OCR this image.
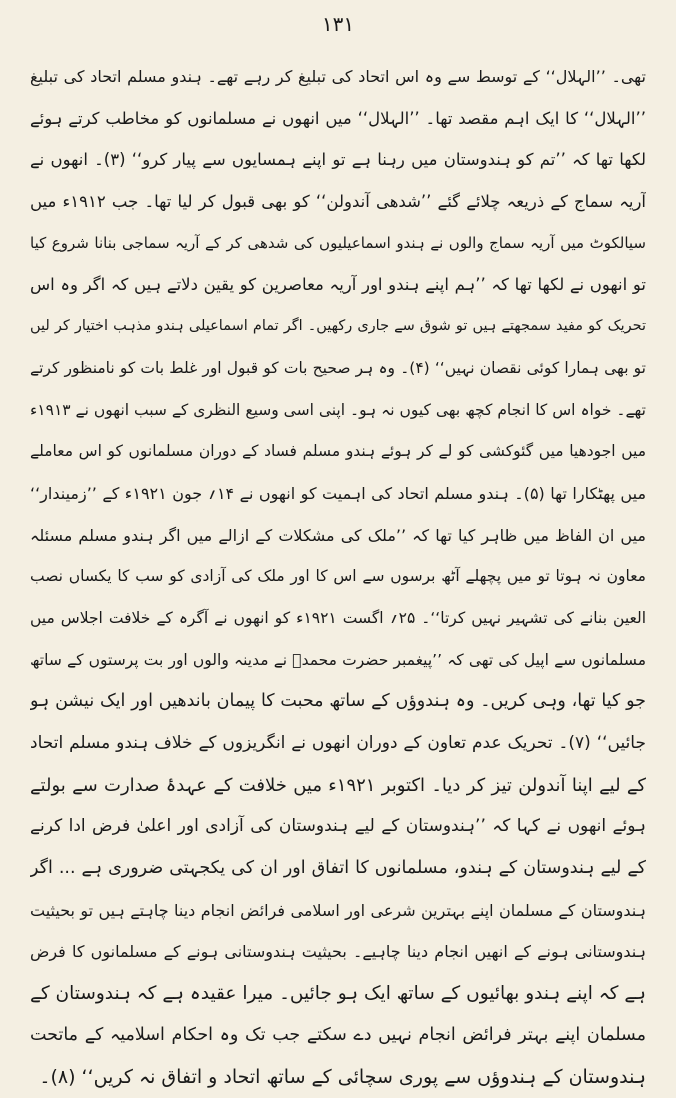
۱۳۱
تھی۔ ’’الہلال‘‘ کے توسط سے وہ اس اتحاد کی تبلیغ کر رہے تھے۔ ہندو مسلم اتحاد کی تبلیغ
’’الہلال‘‘ کا ایک اہم مقصد تھا۔ ’’الہلال‘‘ میں انھوں نے مسلمانوں کو مخاطب کرتے ہوئے
لکھا تھا کہ ’’تم کو ہندوستان میں رہنا ہے تو اپنے ہمسایوں سے پیار کرو‘‘ (۳)۔ انھوں نے
آریہ سماج کے ذریعہ چلائے گئے ’’شدھی آندولن‘‘ کو بھی قبول کر لیا تھا۔ جب ۱۹۱۲ء میں
سیالکوٹ میں آریہ سماج والوں نے ہندو اسماعیلیوں کی شدھی کر کے آریہ سماجی بنانا شروع کیا
تو انھوں نے لکھا تھا کہ ’’ہم اپنے ہندو اور آریہ معاصرین کو یقین دلاتے ہیں کہ اگر وہ اس
تحریک کو مفید سمجھتے ہیں تو شوق سے جاری رکھیں۔ اگر تمام اسماعیلی ہندو مذہب اختیار کر لیں
تو بھی ہمارا کوئی نقصان نہیں‘‘ (۴)۔ وہ ہر صحیح بات کو قبول اور غلط بات کو نامنظور کرتے
تھے۔ خواہ اس کا انجام کچھ بھی کیوں نہ ہو۔ اپنی اسی وسیع النظری کے سبب انھوں نے ۱۹۱۳ء
میں اجودھیا میں گئوکشی کو لے کر ہوئے ہندو مسلم فساد کے دوران مسلمانوں کو اس معاملے
میں پھٹکارا تھا (۵)۔ ہندو مسلم اتحاد کی اہمیت کو انھوں نے ۱۴؍ جون ۱۹۲۱ء کے ’’زمیندار‘‘
میں ان الفاظ میں ظاہر کیا تھا کہ ’’ملک کی مشکلات کے ازالے میں اگر ہندو مسلم مسئلہ
معاون نہ ہوتا تو میں پچھلے آٹھ برسوں سے اس کا اور ملک کی آزادی کو سب کا یکساں نصب
العین بنانے کی تشہیر نہیں کرتا‘‘۔ ۲۵؍ اگست ۱۹۲۱ء کو انھوں نے آگرہ کے خلافت اجلاس میں
مسلمانوں سے اپیل کی تھی کہ ’’پیغمبر حضرت محمدؐ نے مدینہ والوں اور بت پرستوں کے ساتھ
جو کیا تھا، وہی کریں۔ وہ ہندوؤں کے ساتھ محبت کا پیمان باندھیں اور ایک نیشن ہو
جائیں‘‘ (۷)۔ تحریک عدم تعاون کے دوران انھوں نے انگریزوں کے خلاف ہندو مسلم اتحاد
کے لیے اپنا آندولن تیز کر دیا۔ اکتوبر ۱۹۲۱ء میں خلافت کے عہدۂ صدارت سے بولتے
ہوئے انھوں نے کہا کہ ’’ہندوستان کے لیے ہندوستان کی آزادی اور اعلیٰ فرض ادا کرنے
کے لیے ہندوستان کے ہندو، مسلمانوں کا اتفاق اور ان کی یکجہتی ضروری ہے ... اگر
ہندوستان کے مسلمان اپنے بہترین شرعی اور اسلامی فرائض انجام دینا چاہتے ہیں تو بحیثیت
ہندوستانی ہونے کے انھیں انجام دینا چاہیے۔ بحیثیت ہندوستانی ہونے کے مسلمانوں کا فرض
ہے کہ اپنے ہندو بھائیوں کے ساتھ ایک ہو جائیں۔ میرا عقیدہ ہے کہ ہندوستان کے
مسلمان اپنے بہتر فرائض انجام نہیں دے سکتے جب تک وہ احکام اسلامیہ کے ماتحت
ہندوستان کے ہندوؤں سے پوری سچائی کے ساتھ اتحاد و اتفاق نہ کریں‘‘ (۸)۔
